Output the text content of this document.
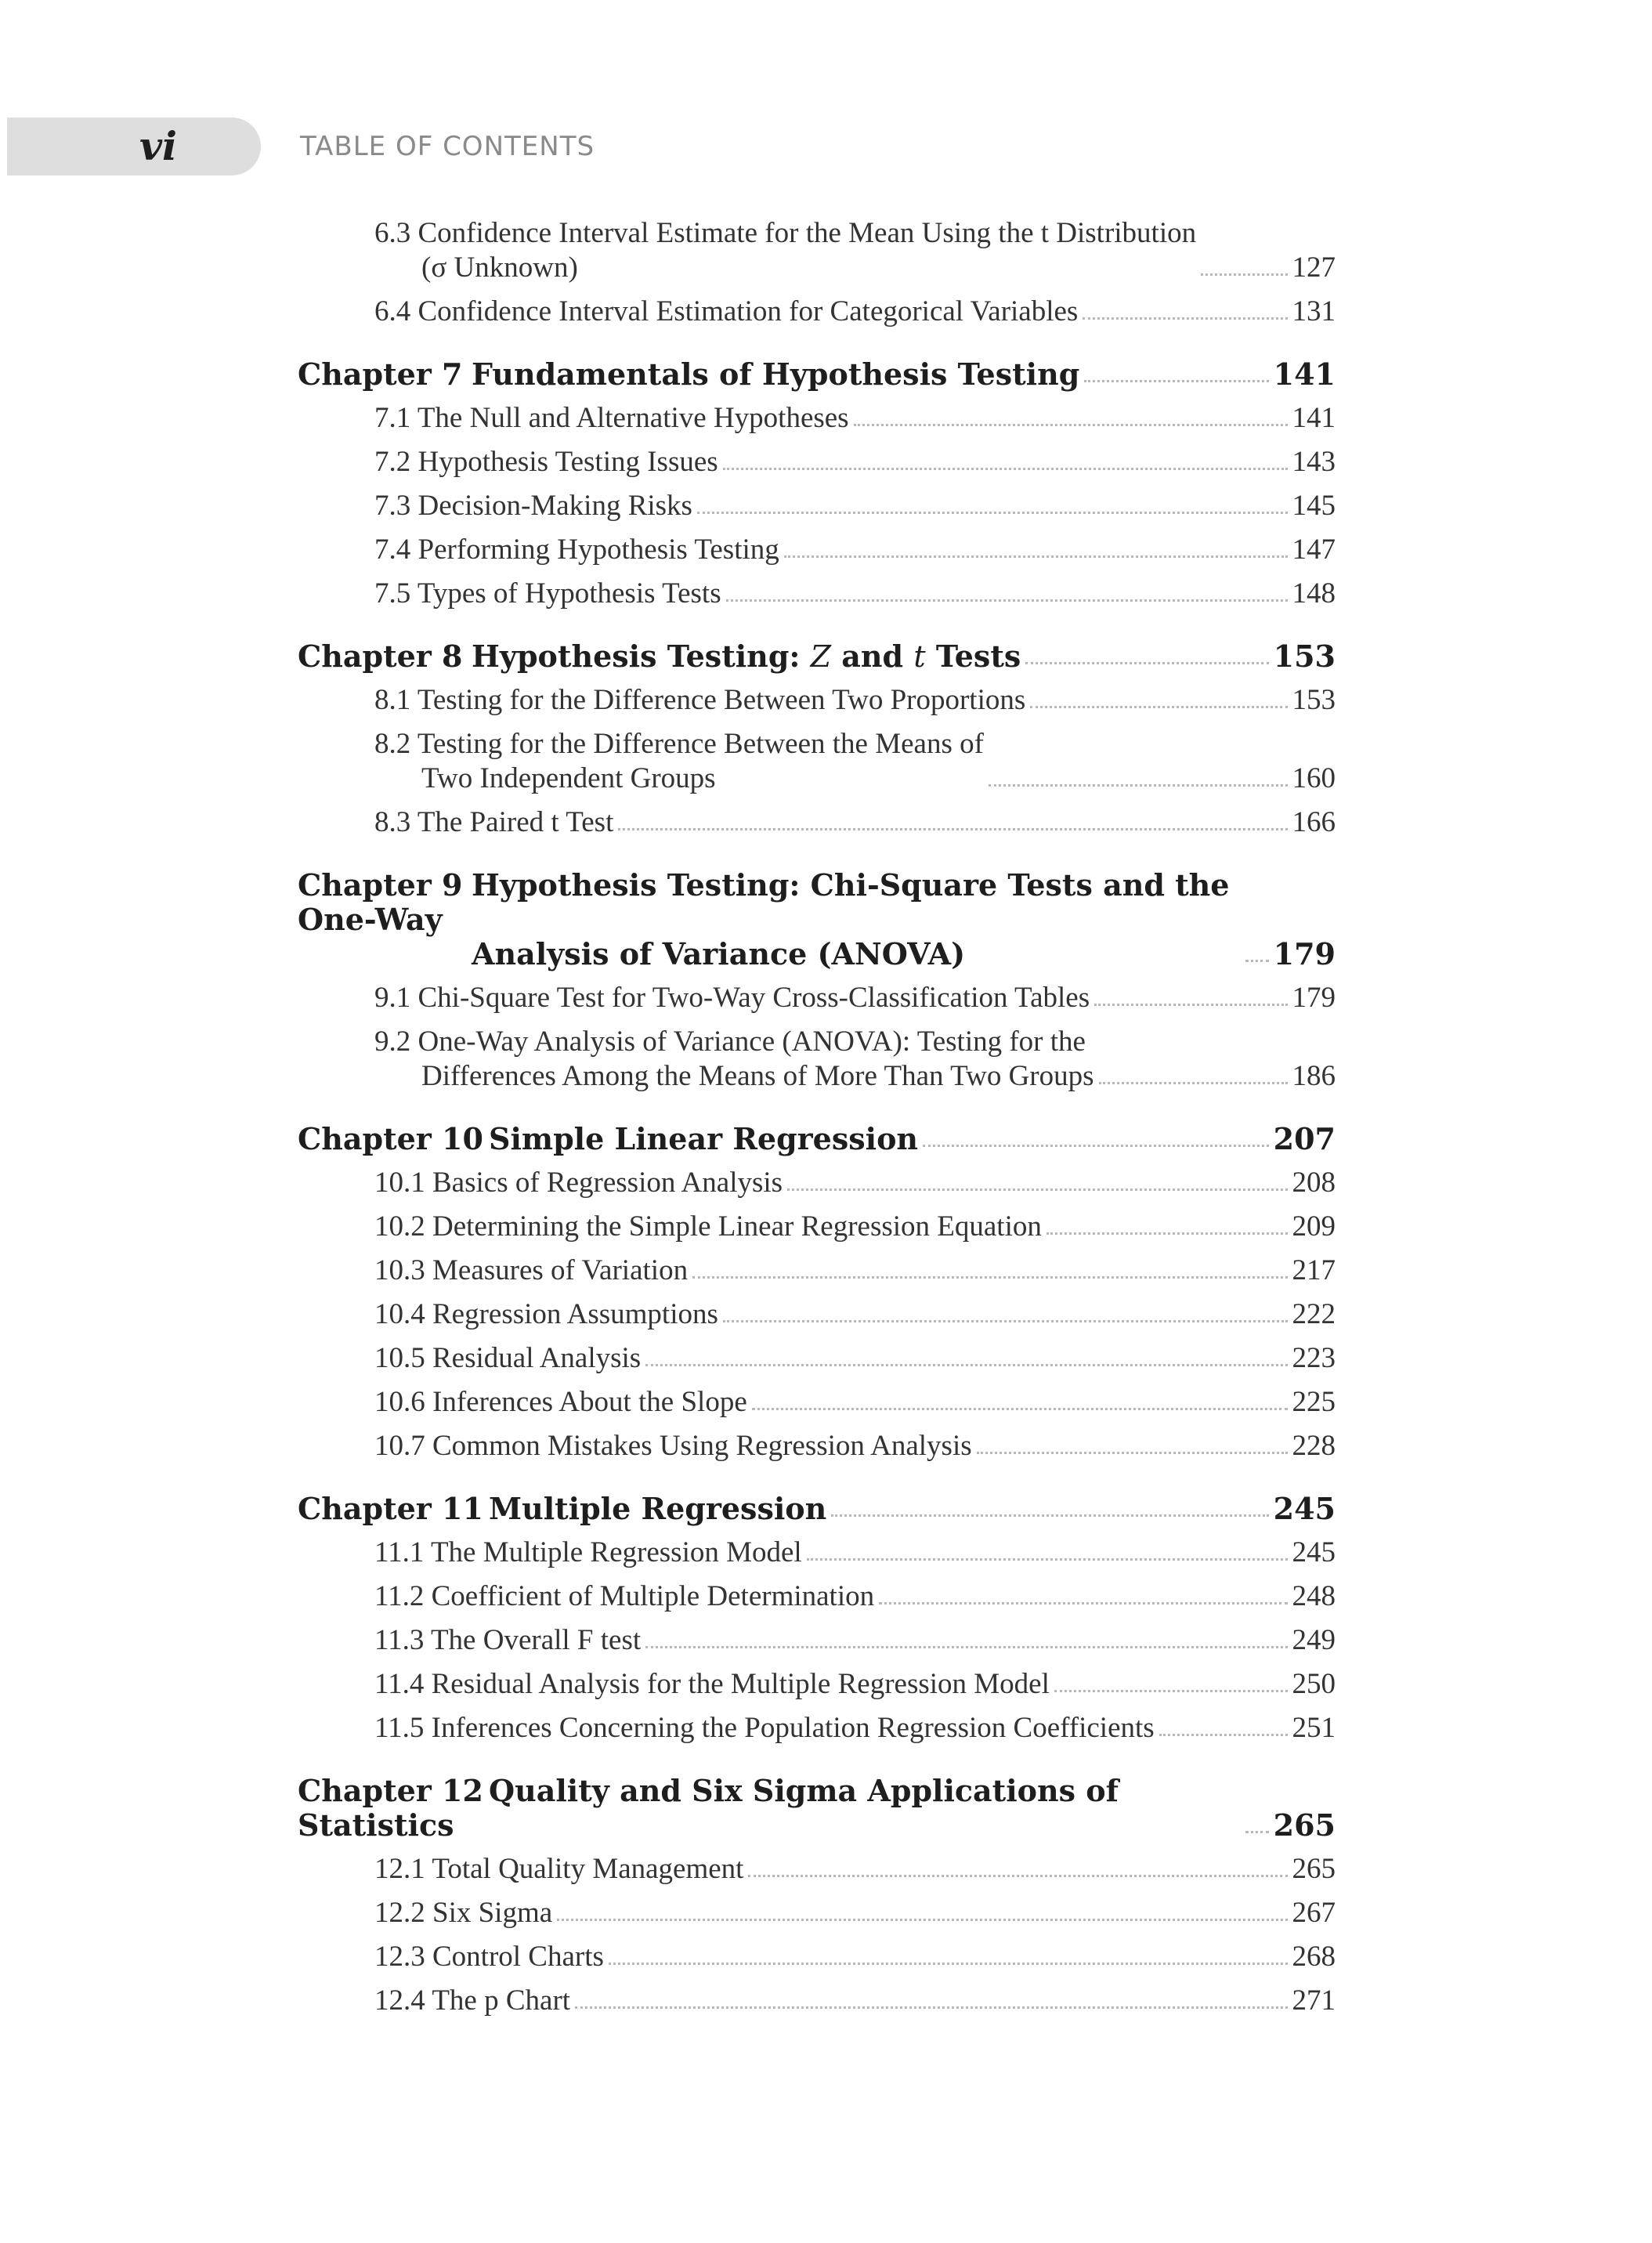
vi	TABLE OF CONTENTS
6.3 Confidence Interval Estimate for the Mean Using the t Distribution
(σ Unknown)	127
6.4 Confidence Interval Estimation for Categorical Variables	131
Chapter 7 Fundamentals of Hypothesis Testing	141
7.1 The Null and Alternative Hypotheses	141
7.2 Hypothesis Testing Issues	143
7.3 Decision-Making Risks	145
7.4 Performing Hypothesis Testing	147
7.5 Types of Hypothesis Tests	148
Chapter 8 Hypothesis Testing: Z and t Tests	153
8.1 Testing for the Difference Between Two Proportions	153
8.2 Testing for the Difference Between the Means of
Two Independent Groups	160
8.3 The Paired t Test	166
Chapter 9 Hypothesis Testing: Chi-Square Tests and the One-Way
Analysis of Variance (ANOVA)	179
9.1 Chi-Square Test for Two-Way Cross-Classification Tables	179
9.2 One-Way Analysis of Variance (ANOVA): Testing for the
Differences Among the Means of More Than Two Groups	186
Chapter 10 Simple Linear Regression	207
10.1 Basics of Regression Analysis	208
10.2 Determining the Simple Linear Regression Equation	209
10.3 Measures of Variation	217
10.4 Regression Assumptions	222
10.5 Residual Analysis	223
10.6 Inferences About the Slope	225
10.7 Common Mistakes Using Regression Analysis	228
Chapter 11 Multiple Regression	245
11.1 The Multiple Regression Model	245
11.2 Coefficient of Multiple Determination	248
11.3 The Overall F test	249
11.4 Residual Analysis for the Multiple Regression Model	250
11.5 Inferences Concerning the Population Regression Coefficients	251
Chapter 12 Quality and Six Sigma Applications of Statistics	265
12.1 Total Quality Management	265
12.2 Six Sigma	267
12.3 Control Charts	268
12.4 The p Chart	271
